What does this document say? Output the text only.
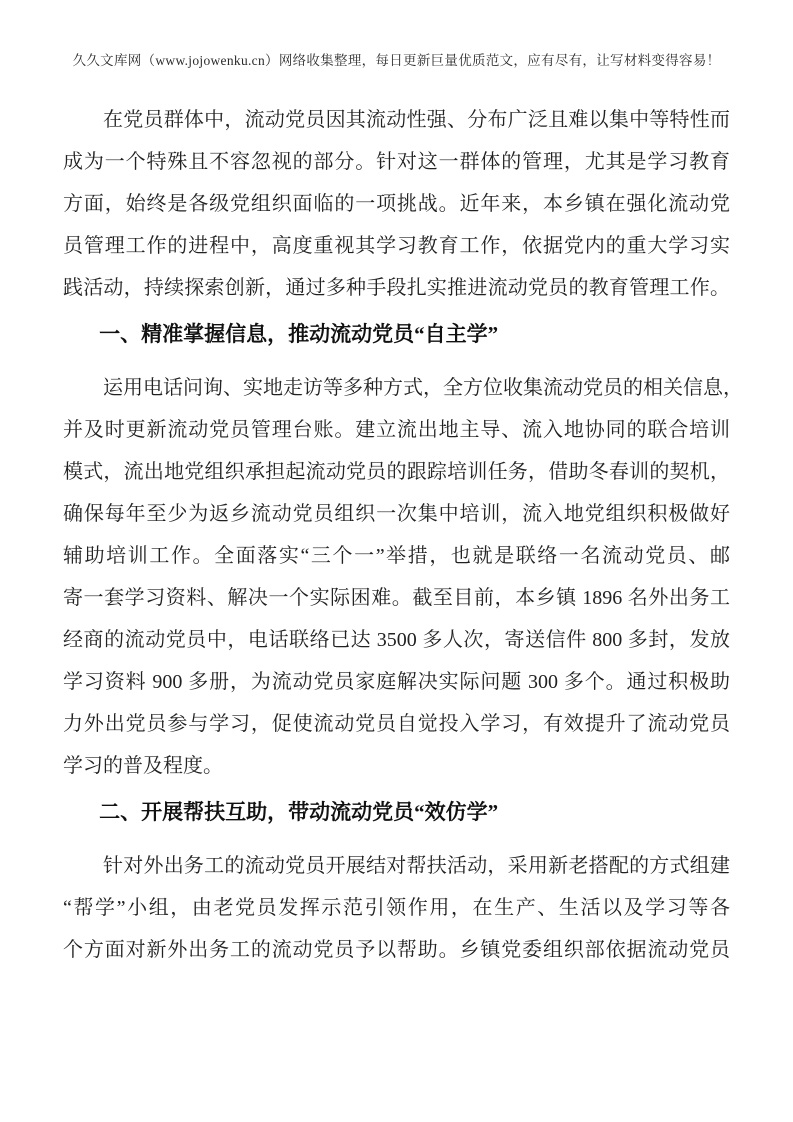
久久文库网（www.jojowenku.cn）网络收集整理，每日更新巨量优质范文，应有尽有，让写材料变得容易！
在党员群体中，流动党员因其流动性强、分布广泛且难以集中等特性而
成为一个特殊且不容忽视的部分。针对这一群体的管理，尤其是学习教育
方面，始终是各级党组织面临的一项挑战。近年来，本乡镇在强化流动党
员管理工作的进程中，高度重视其学习教育工作，依据党内的重大学习实
践活动，持续探索创新，通过多种手段扎实推进流动党员的教育管理工作。
一、精准掌握信息，推动流动党员“自主学”
运用电话问询、实地走访等多种方式，全方位收集流动党员的相关信息，
并及时更新流动党员管理台账。建立流出地主导、流入地协同的联合培训
模式，流出地党组织承担起流动党员的跟踪培训任务，借助冬春训的契机，
确保每年至少为返乡流动党员组织一次集中培训，流入地党组织积极做好
辅助培训工作。全面落实“三个一”举措，也就是联络一名流动党员、邮
寄一套学习资料、解决一个实际困难。截至目前，本乡镇 1896 名外出务工
经商的流动党员中，电话联络已达 3500 多人次，寄送信件 800 多封，发放
学习资料 900 多册，为流动党员家庭解决实际问题 300 多个。通过积极助
力外出党员参与学习，促使流动党员自觉投入学习，有效提升了流动党员
学习的普及程度。
二、开展帮扶互助，带动流动党员“效仿学”
针对外出务工的流动党员开展结对帮扶活动，采用新老搭配的方式组建
“帮学”小组，由老党员发挥示范引领作用，在生产、生活以及学习等各
个方面对新外出务工的流动党员予以帮助。乡镇党委组织部依据流动党员
